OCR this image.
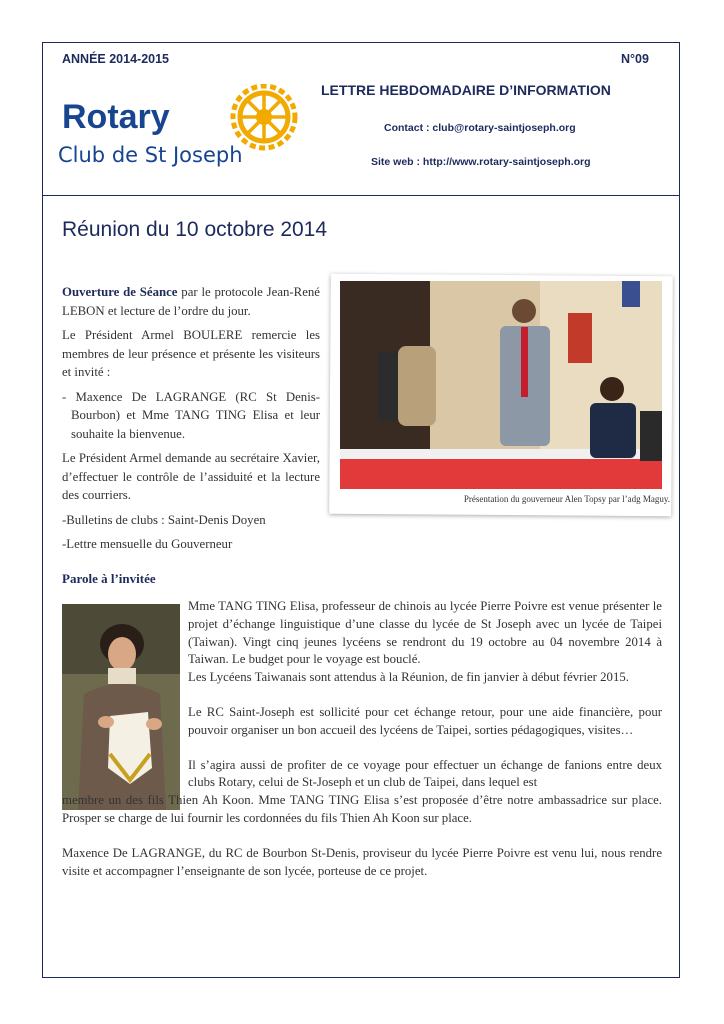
ANNÉE 2014-2015	N°09
LETTRE HEBDOMADAIRE D’INFORMATION
Contact : club@rotary-saintjoseph.org
Site web : http://www.rotary-saintjoseph.org
Rotary
Club de St Joseph
Réunion du 10 octobre 2014

Ouverture de Séance par le protocole Jean-René LEBON et lecture de l’ordre du jour.

Le Président Armel BOULERE remercie les membres de leur présence et présente les visiteurs et invité :

- Maxence De LAGRANGE (RC St Denis-Bourbon) et Mme TANG TING Elisa et leur souhaite la bienvenue.

Le Président Armel demande au secrétaire Xavier, d’effectuer le contrôle de l’assiduité et la lecture des courriers.

-Bulletins de clubs : Saint-Denis Doyen

-Lettre mensuelle du Gouverneur

Présentation du gouverneur Alen Topsy par l’adg Maguy.
Parole à l’invitée

Mme TANG TING Elisa, professeur de chinois au lycée Pierre Poivre est venue présenter le projet d’échange linguistique d’une classe du lycée de St Joseph avec un lycée de Taipei (Taiwan). Vingt cinq jeunes lycéens se rendront du 19 octobre au 04 novembre 2014 à Taiwan. Le budget pour le voyage est bouclé.
Les Lycéens Taiwanais sont attendus à la Réunion, de fin janvier à début février 2015.

Le RC Saint-Joseph est sollicité pour cet échange retour, pour une aide financière, pour pouvoir organiser un bon accueil des lycéens de Taipei, sorties pédagogiques, visites…

Il s’agira aussi de profiter de ce voyage pour effectuer un échange de fanions entre deux clubs Rotary, celui de St-Joseph et un club de Taipei, dans lequel est
membre un des fils Thien Ah Koon. Mme TANG TING Elisa s’est proposée d’être notre ambassadrice sur place. Prosper se charge de lui fournir les cordonnées du fils Thien Ah Koon sur place.

Maxence De LAGRANGE, du RC de Bourbon St-Denis, proviseur du lycée Pierre Poivre est venu lui, nous rendre visite et accompagner l’enseignante de son lycée, porteuse de ce projet.
